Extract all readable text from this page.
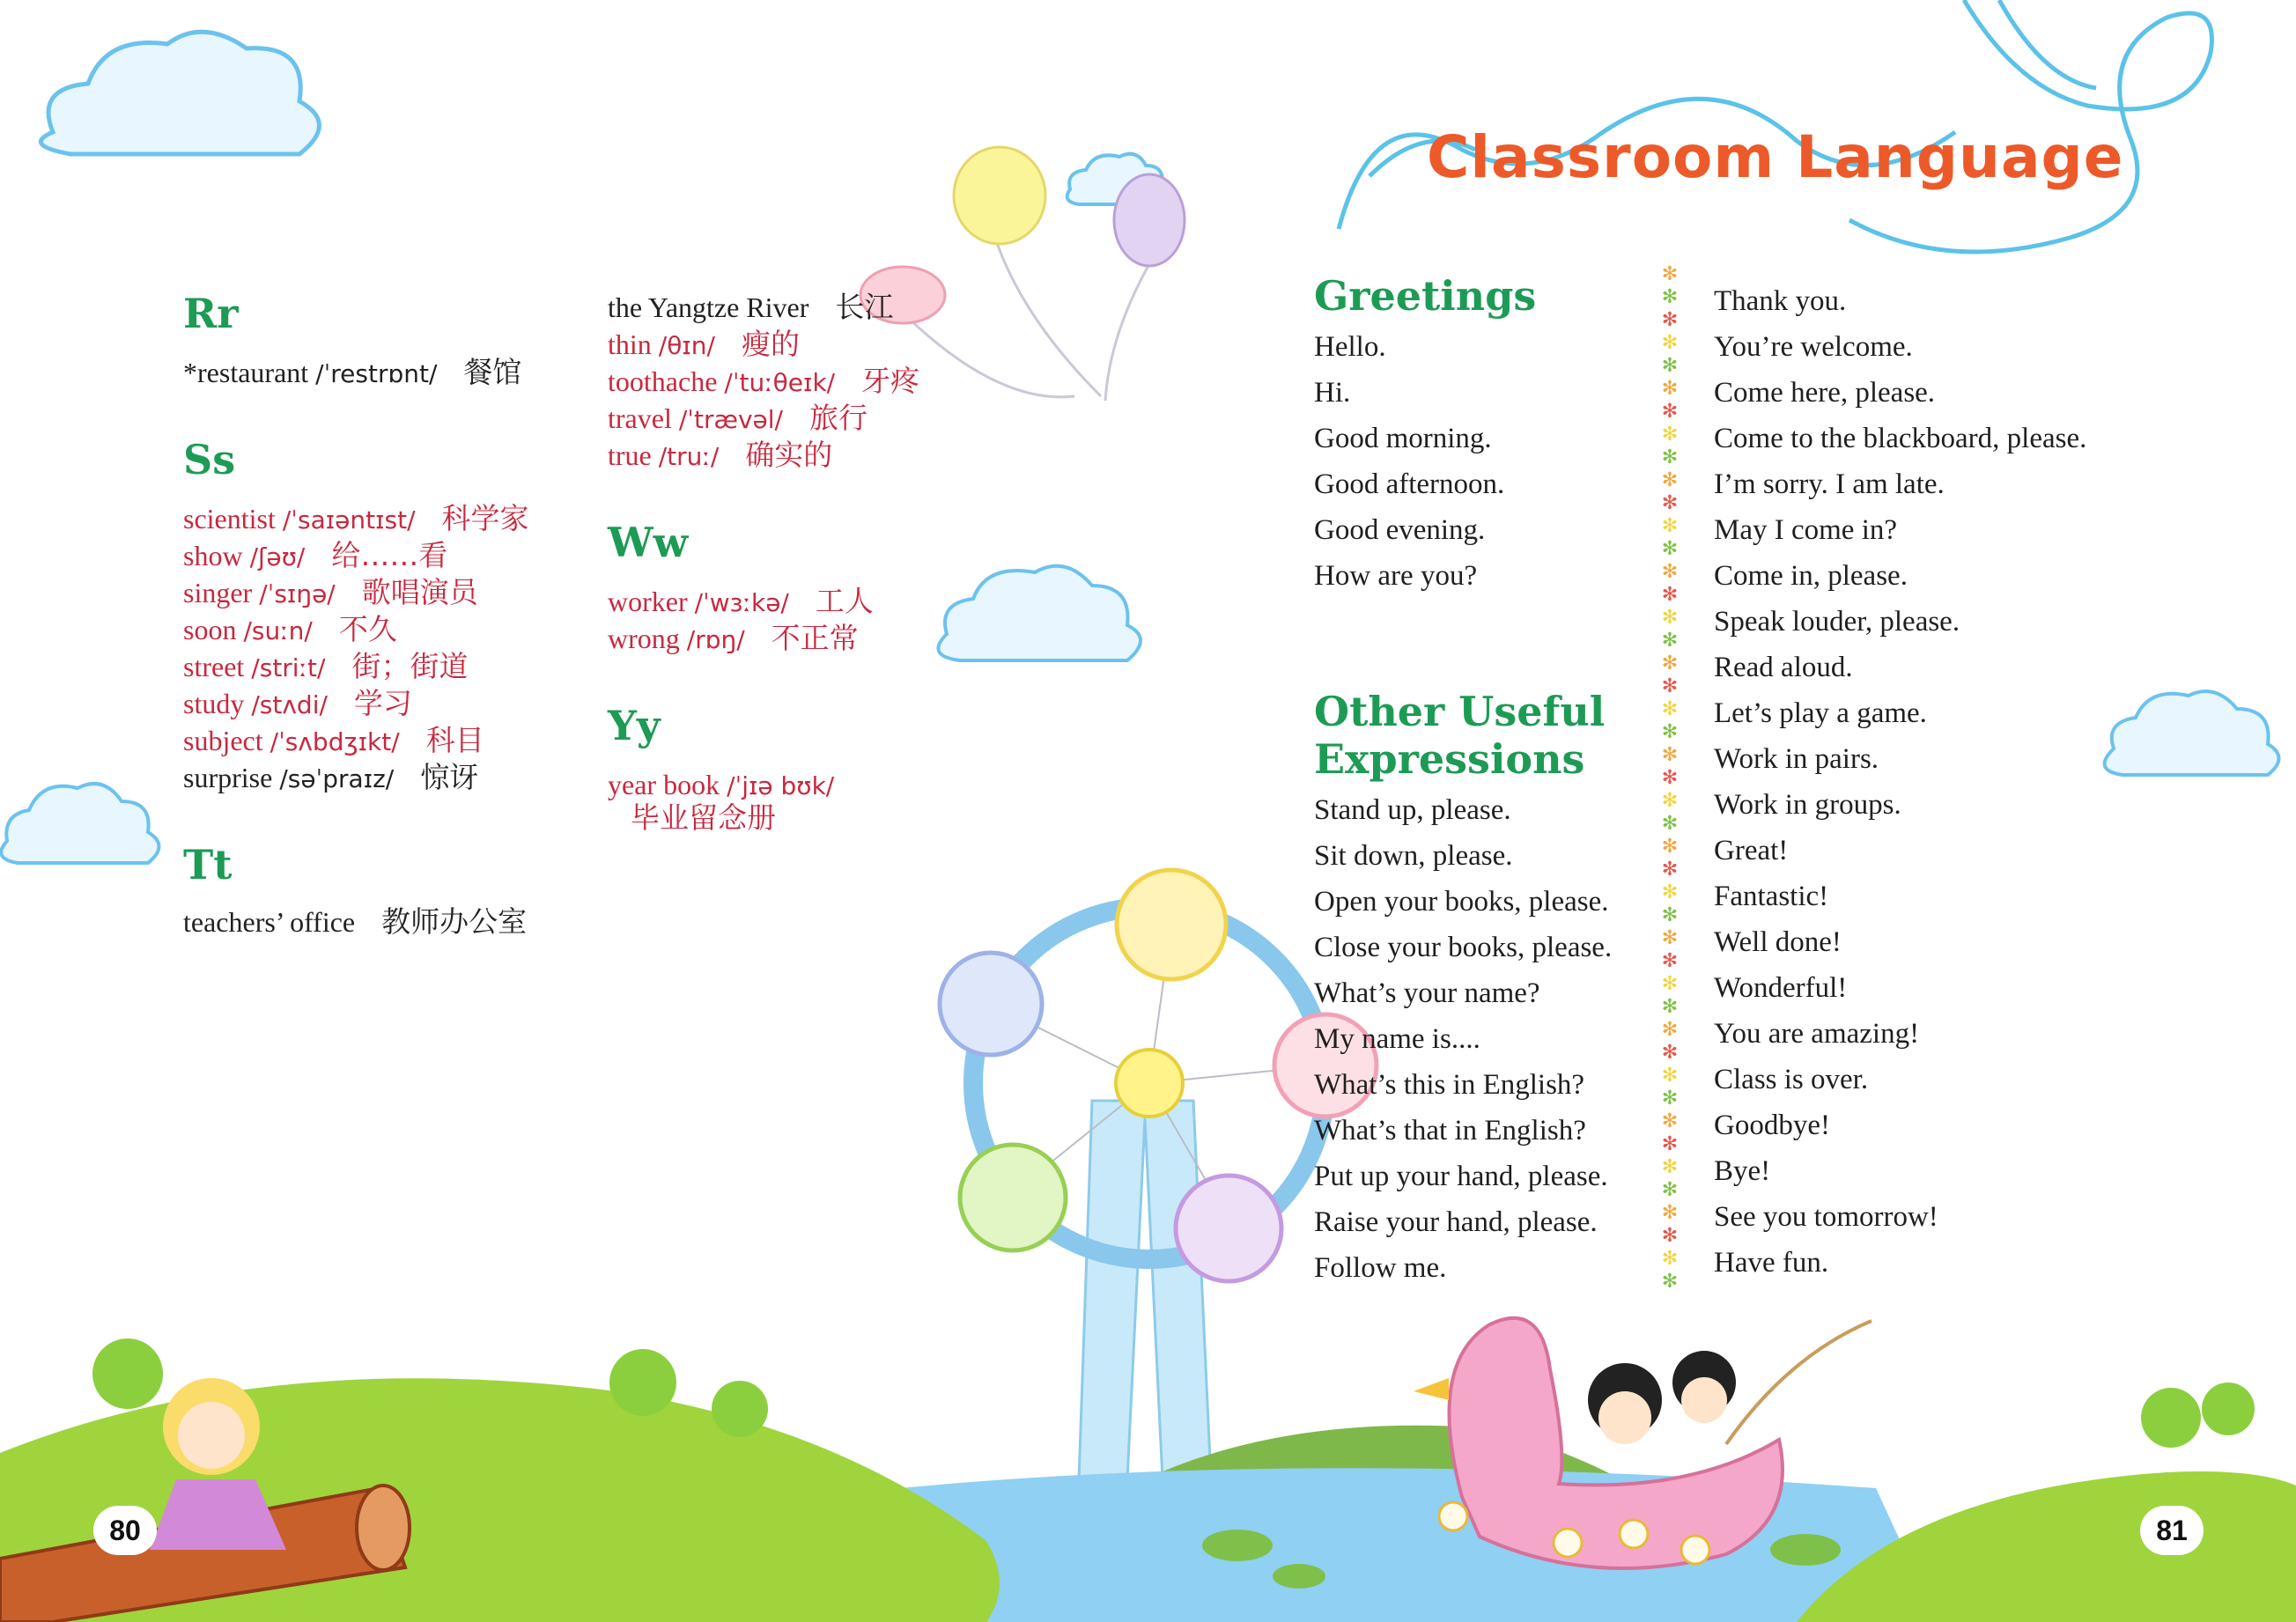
✻
✻
✻
✻
✻
✻
✻
✻
✻
✻
✻
✻
✻
✻
✻
✻
✻
✻
✻
✻
✻
✻
✻
✻
✻
✻
✻
✻
✻
✻
✻
✻
✻
✻
✻
✻
✻
✻
✻
✻
✻
✻
✻
✻
✻
Classroom Language
Rr
*restaurant /ˈrestrɒnt/ 餐馆
Ss
scientist /ˈsaɪəntɪst/ 科学家
show /ʃəʊ/ 给……看
singer /ˈsɪŋə/ 歌唱演员
soon /suːn/ 不久
street /striːt/ 街；街道
study /stʌdi/ 学习
subject /ˈsʌbdʒɪkt/ 科目
surprise /səˈpraɪz/ 惊讶
Tt
teachers’ office 教师办公室
the Yangtze River 长江
thin /θɪn/ 瘦的
toothache /ˈtuːθeɪk/ 牙疼
travel /ˈtrævəl/ 旅行
true /truː/ 确实的
Ww
worker /ˈwɜːkə/ 工人
wrong /rɒŋ/ 不正常
Yy
year book /ˈjɪə bʊk/
毕业留念册
Greetings
Hello.
Hi.
Good morning.
Good afternoon.
Good evening.
How are you?
Other Useful
Expressions
Stand up, please.
Sit down, please.
Open your books, please.
Close your books, please.
What’s your name?
My name is....
What’s this in English?
What’s that in English?
Put up your hand, please.
Raise your hand, please.
Follow me.
Thank you.
You’re welcome.
Come here, please.
Come to the blackboard, please.
I’m sorry. I am late.
May I come in?
Come in, please.
Speak louder, please.
Read aloud.
Let’s play a game.
Work in pairs.
Work in groups.
Great!
Fantastic!
Well done!
Wonderful!
You are amazing!
Class is over.
Goodbye!
Bye!
See you tomorrow!
Have fun.
80	81
